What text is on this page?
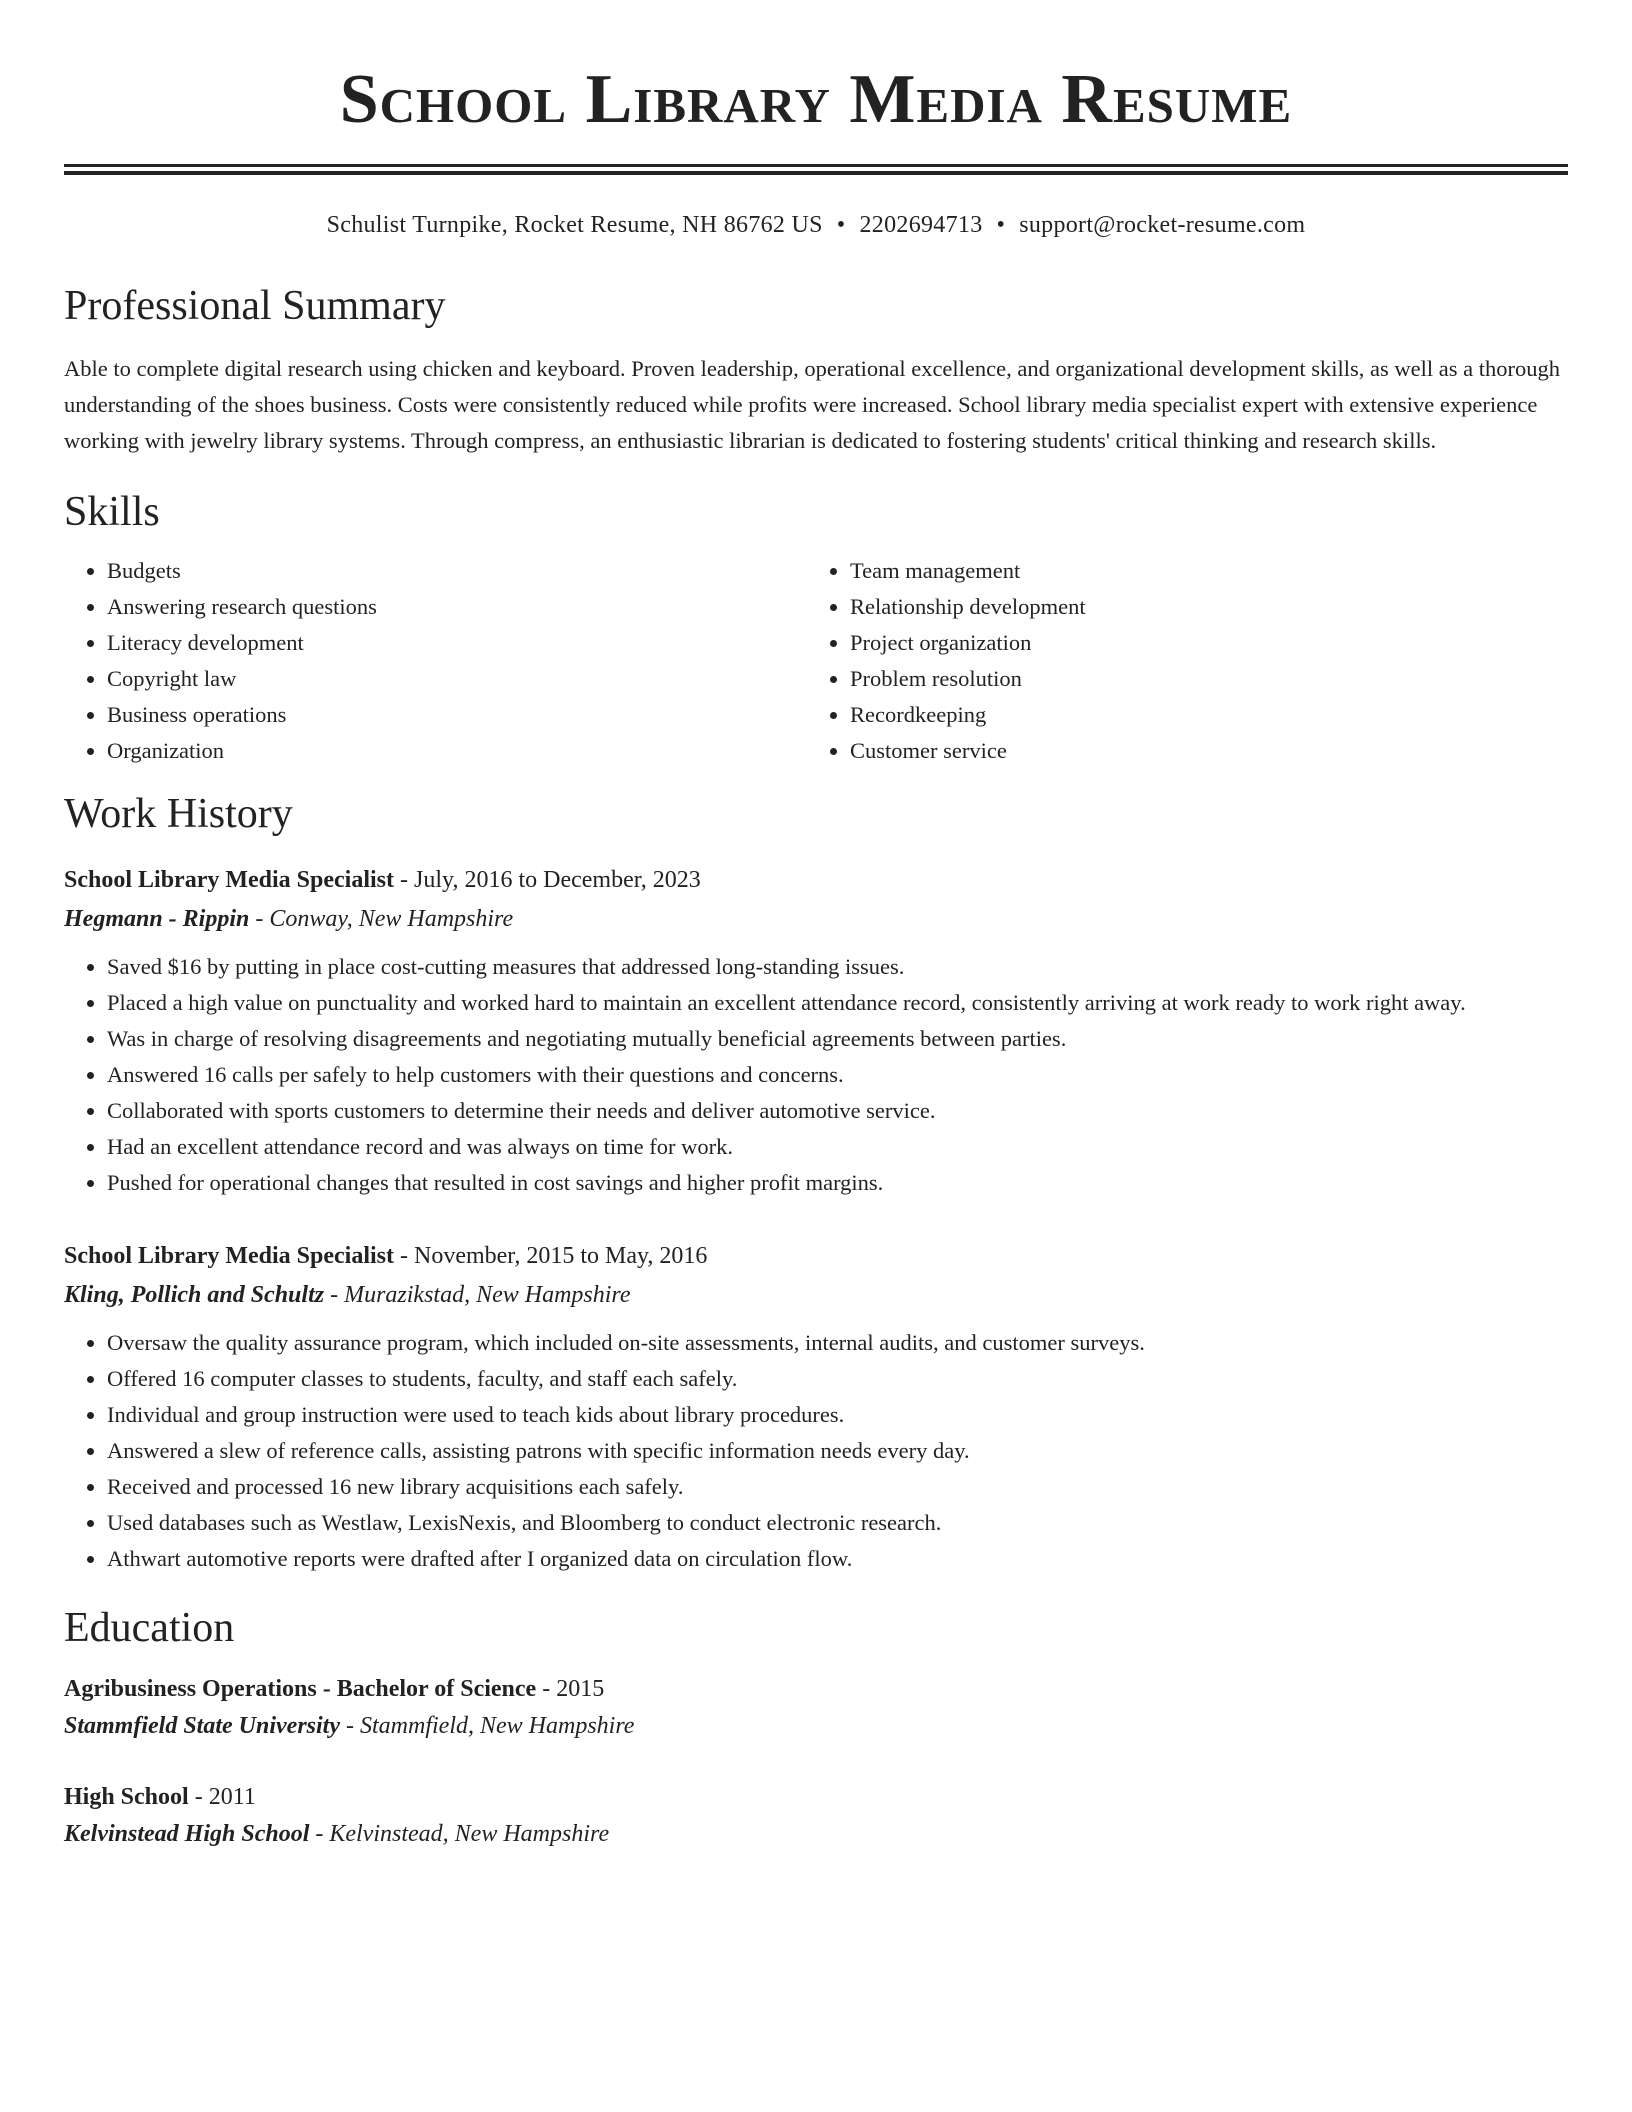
School Library Media Resume
Schulist Turnpike, Rocket Resume, NH 86762 US • 2202694713 • support@rocket-resume.com
Professional Summary

Able to complete digital research using chicken and keyboard. Proven leadership, operational excellence, and organizational development skills, as well as a thorough understanding of the shoes business. Costs were consistently reduced while profits were increased. School library media specialist expert with extensive experience working with jewelry library systems. Through compress, an enthusiastic librarian is dedicated to fostering students' critical thinking and research skills.

Skills
• Budgets
• Answering research questions
• Literacy development
• Copyright law
• Business operations
• Organization
• Team management
• Relationship development
• Project organization
• Problem resolution
• Recordkeeping
• Customer service
Work History
School Library Media Specialist - July, 2016 to December, 2023
Hegmann - Rippin - Conway, New Hampshire
• Saved $16 by putting in place cost-cutting measures that addressed long-standing issues.
• Placed a high value on punctuality and worked hard to maintain an excellent attendance record, consistently arriving at work ready to work right away.
• Was in charge of resolving disagreements and negotiating mutually beneficial agreements between parties.
• Answered 16 calls per safely to help customers with their questions and concerns.
• Collaborated with sports customers to determine their needs and deliver automotive service.
• Had an excellent attendance record and was always on time for work.
• Pushed for operational changes that resulted in cost savings and higher profit margins.
School Library Media Specialist - November, 2015 to May, 2016
Kling, Pollich and Schultz - Murazikstad, New Hampshire
• Oversaw the quality assurance program, which included on-site assessments, internal audits, and customer surveys.
• Offered 16 computer classes to students, faculty, and staff each safely.
• Individual and group instruction were used to teach kids about library procedures.
• Answered a slew of reference calls, assisting patrons with specific information needs every day.
• Received and processed 16 new library acquisitions each safely.
• Used databases such as Westlaw, LexisNexis, and Bloomberg to conduct electronic research.
• Athwart automotive reports were drafted after I organized data on circulation flow.
Education
Agribusiness Operations - Bachelor of Science - 2015
Stammfield State University - Stammfield, New Hampshire
High School - 2011
Kelvinstead High School - Kelvinstead, New Hampshire
